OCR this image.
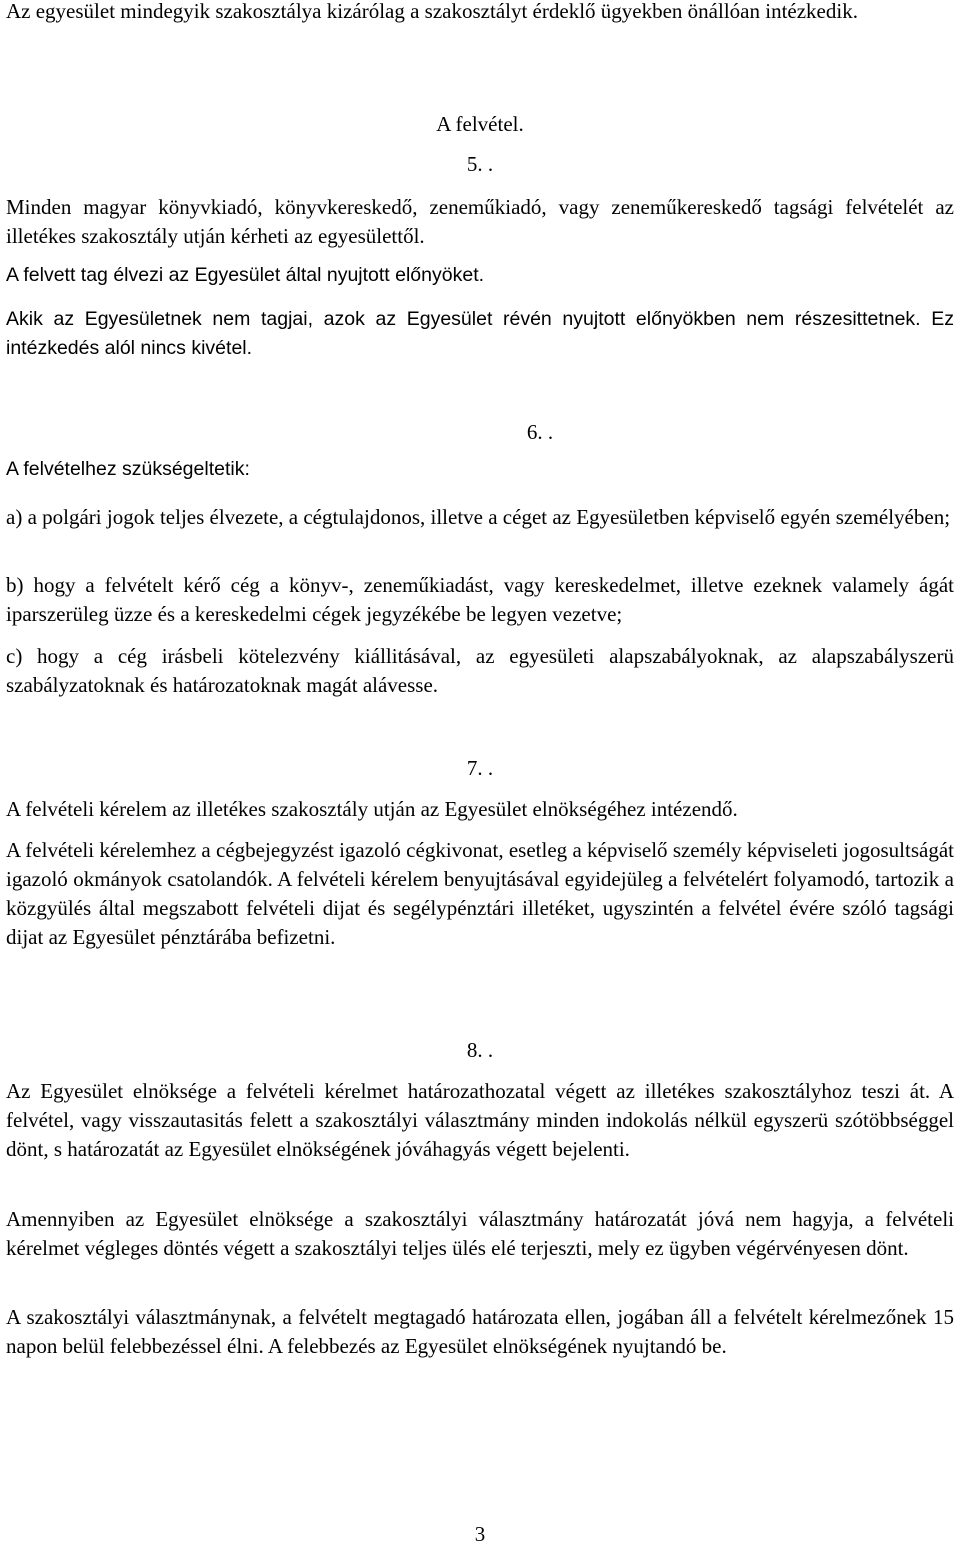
Az egyesület mindegyik szakosztálya kizárólag a szakosztályt érdeklő ügyekben önállóan intézkedik.

A felvétel.

5. .

Minden magyar könyvkiadó, könyvkereskedő, zeneműkiadó, vagy zeneműkereskedő tagsági felvételét az illetékes szakosztály utján kérheti az egyesülettől.

A felvett tag élvezi az Egyesület által nyujtott előnyöket.

Akik az Egyesületnek nem tagjai, azok az Egyesület révén nyujtott előnyökben nem részesittetnek. Ez intézkedés alól nincs kivétel.

6. .

A felvételhez szükségeltetik:

a) a polgári jogok teljes élvezete, a cégtulajdonos, illetve a céget az Egyesületben képviselő egyén személyében;

b) hogy a felvételt kérő cég a könyv-, zeneműkiadást, vagy kereskedelmet, illetve ezeknek valamely ágát iparszerüleg üzze és a kereskedelmi cégek jegyzékébe be legyen vezetve;

c) hogy a cég irásbeli kötelezvény kiállitásával, az egyesületi alapszabályoknak, az alapszabályszerü szabályzatoknak és határozatoknak magát alávesse.

7. .

A felvételi kérelem az illetékes szakosztály utján az Egyesület elnökségéhez intézendő.

A felvételi kérelemhez a cégbejegyzést igazoló cégkivonat, esetleg a képviselő személy képviseleti jogosultságát igazoló okmányok csatolandók. A felvételi kérelem benyujtásával egyidejüleg a felvételért folyamodó, tartozik a közgyülés által megszabott felvételi dijat és segélypénztári illetéket, ugyszintén a felvétel évére szóló tagsági dijat az Egyesület pénztárába befizetni.

8. .

Az Egyesület elnöksége a felvételi kérelmet határozathozatal végett az illetékes szakosztályhoz teszi át. A felvétel, vagy visszautasitás felett a szakosztályi választmány minden indokolás nélkül egyszerü szótöbbséggel dönt, s határozatát az Egyesület elnökségének jóváhagyás végett bejelenti.

Amennyiben az Egyesület elnöksége a szakosztályi választmány határozatát jóvá nem hagyja, a felvételi kérelmet végleges döntés végett a szakosztályi teljes ülés elé terjeszti, mely ez ügyben végérvényesen dönt.

A szakosztályi választmánynak, a felvételt megtagadó határozata ellen, jogában áll a felvételt kérelmezőnek 15 napon belül felebbezéssel élni. A felebbezés az Egyesület elnökségének nyujtandó be.

3
